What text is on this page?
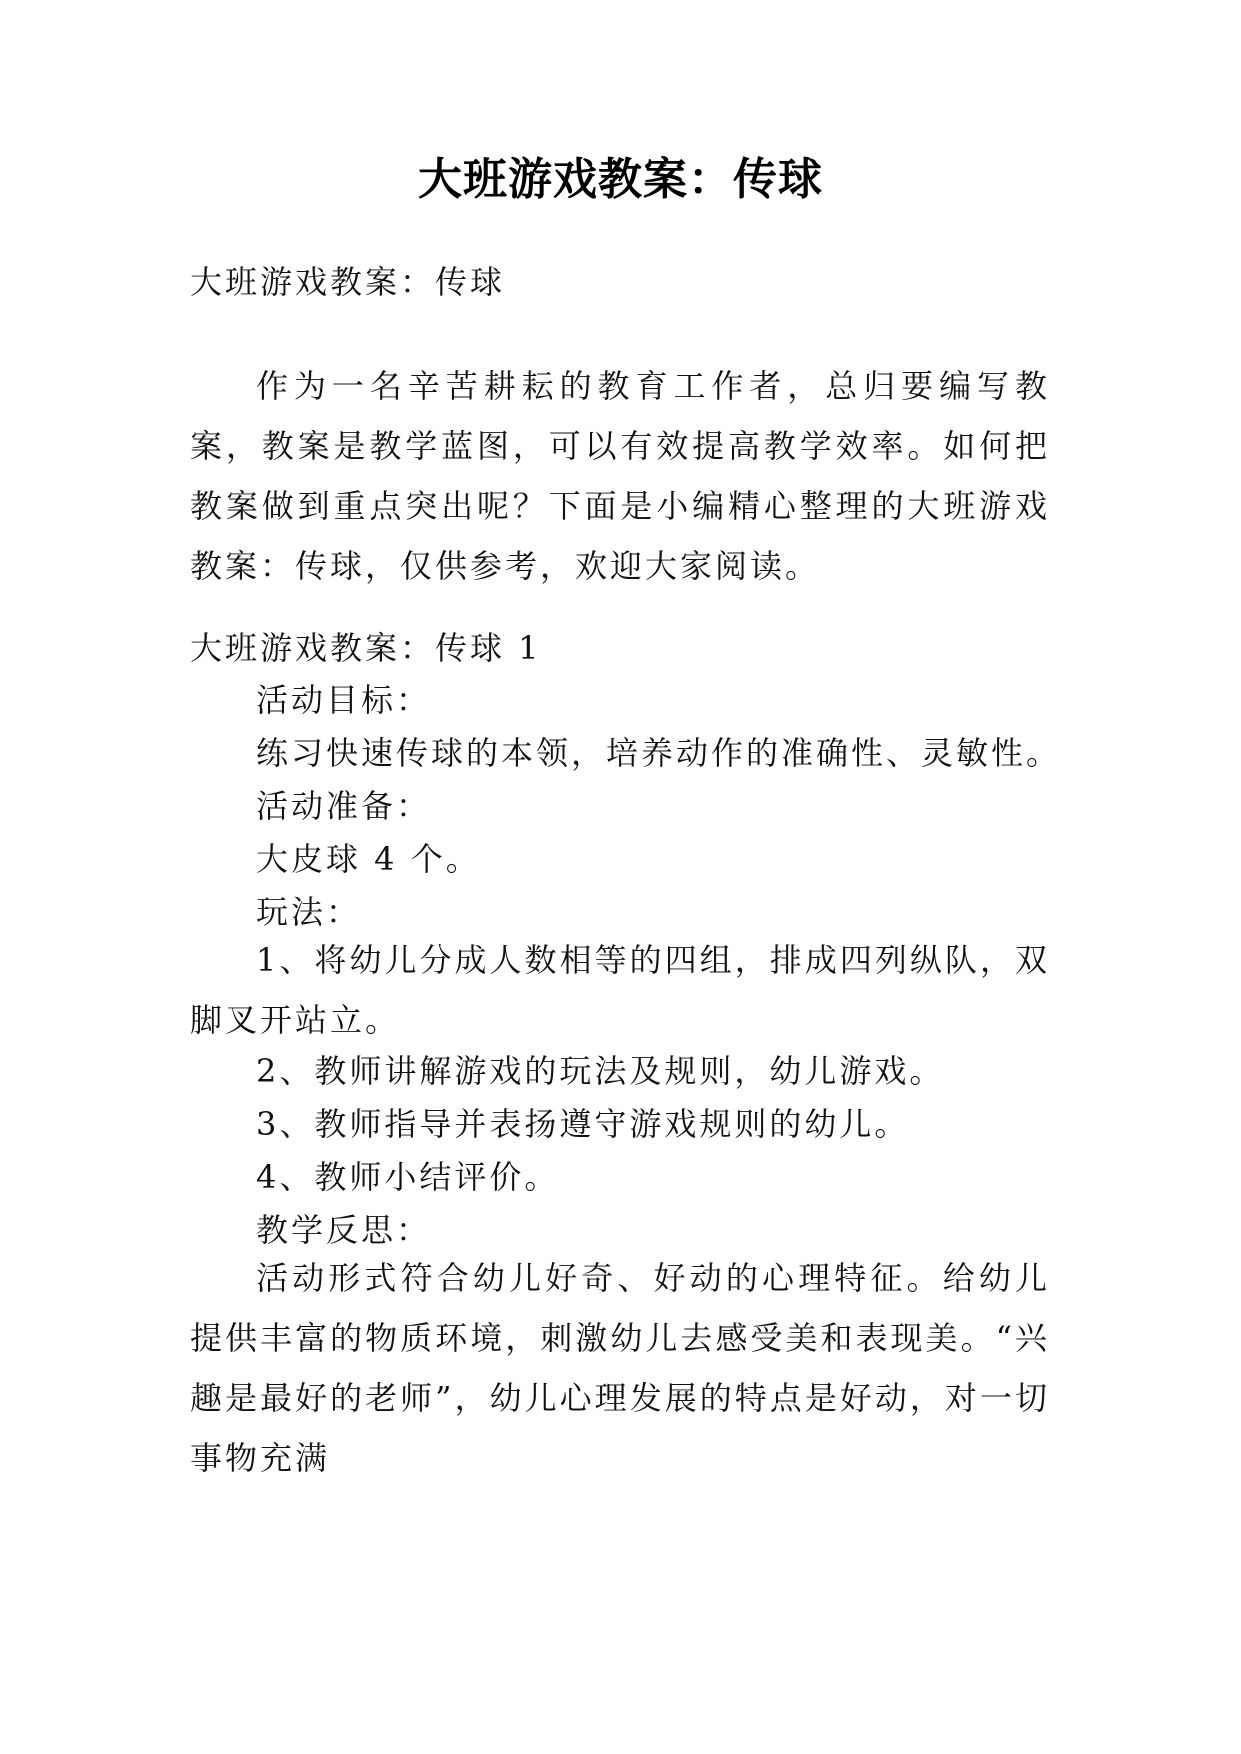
大班游戏教案：传球
大班游戏教案：传球

作为一名辛苦耕耘的教育工作者，总归要编写教案，教案是教学蓝图，可以有效提高教学效率。如何把教案做到重点突出呢？下面是小编精心整理的大班游戏教案：传球，仅供参考，欢迎大家阅读。

大班游戏教案：传球 1
活动目标：
练习快速传球的本领，培养动作的准确性、灵敏性。
活动准备：
大皮球 4 个。
玩法：

1、将幼儿分成人数相等的四组，排成四列纵队，双脚叉开站立。

2、教师讲解游戏的玩法及规则，幼儿游戏。
3、教师指导并表扬遵守游戏规则的幼儿。
4、教师小结评价。
教学反思：

活动形式符合幼儿好奇、好动的心理特征。给幼儿提供丰富的物质环境，刺激幼儿去感受美和表现美。“兴趣是最好的老师”，幼儿心理发展的特点是好动，对一切事物充满
